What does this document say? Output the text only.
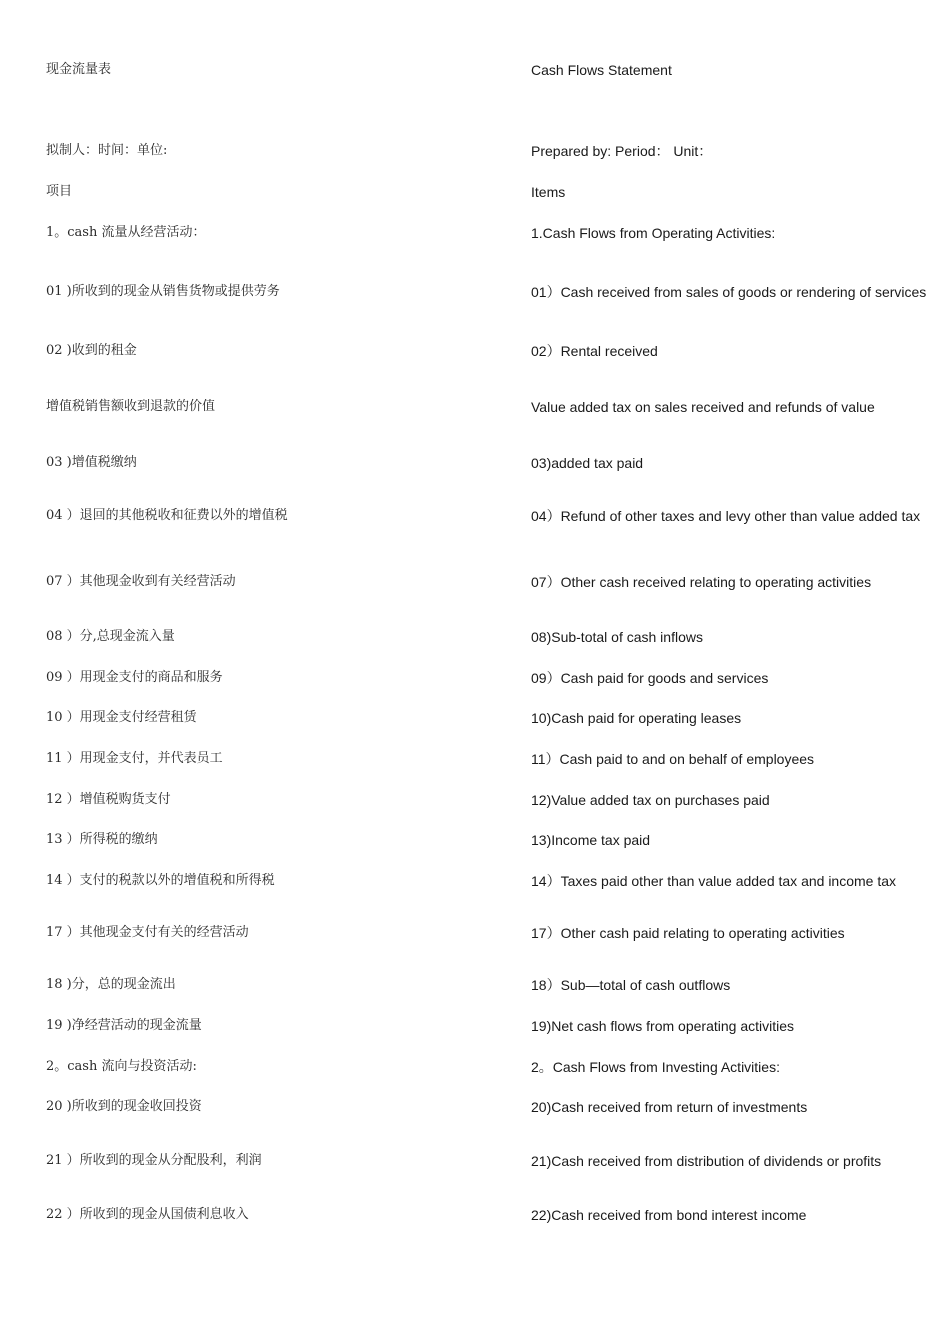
现金流量表	Cash Flows Statement
拟制人：时间：单位:	Prepared by: Period： Unit：
项目	Items
1。cash 流量从经营活动：	1.Cash Flows from Operating Activities:
01 )所收到的现金从销售货物或提供劳务	01）Cash received from sales of goods or rendering of services
02 )收到的租金	02）Rental received
增值税销售额收到退款的价值	Value added tax on sales received and refunds of value
03 )增值税缴纳	03)added tax paid
04 ）退回的其他税收和征费以外的增值税	04）Refund of other taxes and levy other than value added tax
07 ）其他现金收到有关经营活动	07）Other cash received relating to operating activities
08 ）分,总现金流入量	08)Sub-total of cash inflows
09 ）用现金支付的商品和服务	09）Cash paid for goods and services
10 ）用现金支付经营租赁	10)Cash paid for operating leases
11 ）用现金支付，并代表员工	11）Cash paid to and on behalf of employees
12 ）增值税购货支付	12)Value added tax on purchases paid
13 ）所得税的缴纳	13)Income tax paid
14 ）支付的税款以外的增值税和所得税	14）Taxes paid other than value added tax and income tax
17 ）其他现金支付有关的经营活动	17）Other cash paid relating to operating activities
18 )分，总的现金流出	18）Sub—total of cash outflows
19 )净经营活动的现金流量	19)Net cash flows from operating activities
2。cash 流向与投资活动:	2。Cash Flows from Investing Activities:
20 )所收到的现金收回投资	20)Cash received from return of investments
21 ）所收到的现金从分配股利，利润	21)Cash received from distribution of dividends or profits
22 ）所收到的现金从国债利息收入	22)Cash received from bond interest income
